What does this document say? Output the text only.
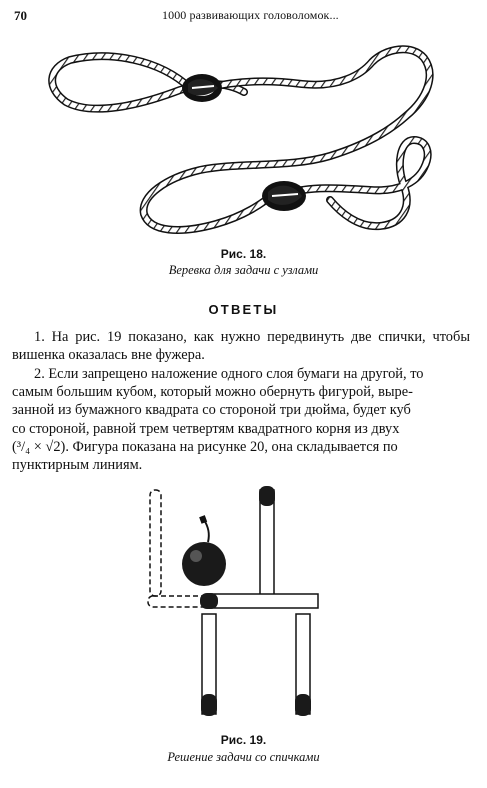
70	1000 развивающих головоломок...
Рис. 18.
Веревка для задачи с узлами
ОТВЕТЫ

1. На рис. 19 показано, как нужно передвинуть две спички, чтобы вишенка оказалась вне фужера.

2. Если запрещено наложение одного слоя бумаги на другой, то

самым большим кубом, который можно обернуть фигурой, выре-

занной из бумажного квадрата со стороной три дюйма, будет куб

со стороной, равной трем четвертям квадратного корня из двух

(³/₄ × √2). Фигура показана на рисунке 20, она складывается по

пунктирным линиям.

Рис. 19.
Решение задачи со спичками
